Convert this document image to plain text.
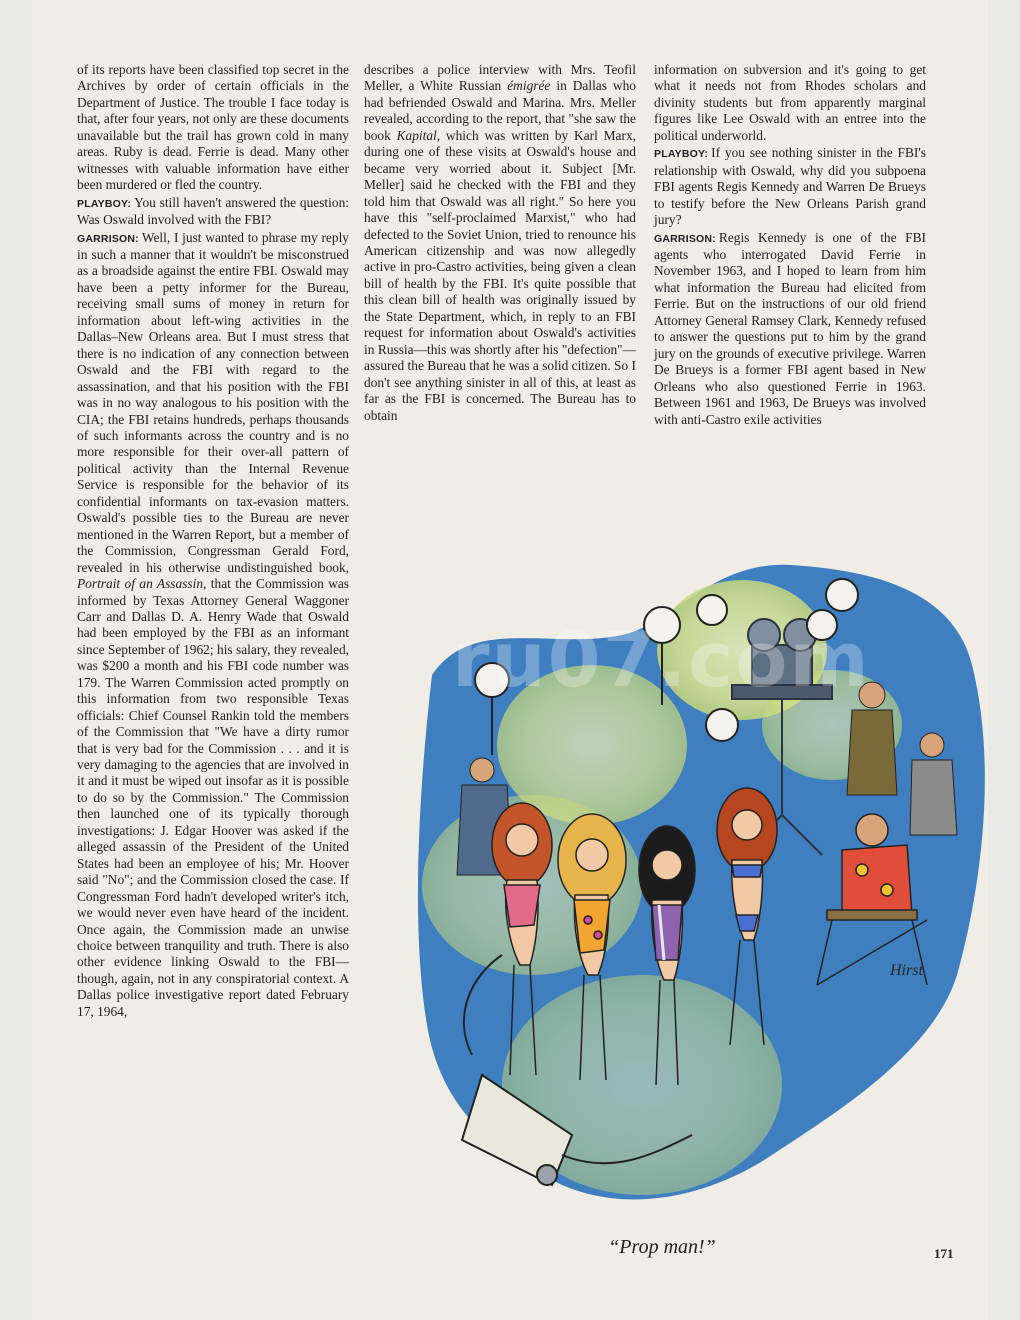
of its reports have been classified top secret in the Archives by order of certain officials in the Department of Justice. The trouble I face today is that, after four years, not only are these documents unavailable but the trail has grown cold in many areas. Ruby is dead. Ferrie is dead. Many other witnesses with valuable information have either been murdered or fled the country.

PLAYBOY: You still haven't answered the question: Was Oswald involved with the FBI?

GARRISON: Well, I just wanted to phrase my reply in such a manner that it wouldn't be misconstrued as a broadside against the entire FBI. Oswald may have been a petty informer for the Bureau, receiving small sums of money in return for information about left-wing activities in the Dallas–New Orleans area. But I must stress that there is no indication of any connection between Oswald and the FBI with regard to the assassination, and that his position with the FBI was in no way analogous to his position with the CIA; the FBI retains hundreds, perhaps thousands of such informants across the country and is no more responsible for their over-all pattern of political activity than the Internal Revenue Service is responsible for the behavior of its confidential informants on tax-evasion matters. Oswald's possible ties to the Bureau are never mentioned in the Warren Report, but a member of the Commission, Congressman Gerald Ford, revealed in his otherwise undistinguished book, Portrait of an Assassin, that the Commission was informed by Texas Attorney General Waggoner Carr and Dallas D. A. Henry Wade that Oswald had been employed by the FBI as an informant since September of 1962; his salary, they revealed, was $200 a month and his FBI code number was 179. The Warren Commission acted promptly on this information from two responsible Texas officials: Chief Counsel Rankin told the members of the Commission that "We have a dirty rumor that is very bad for the Commission . . . and it is very damaging to the agencies that are involved in it and it must be wiped out insofar as it is possible to do so by the Commission." The Commission then launched one of its typically thorough investigations: J. Edgar Hoover was asked if the alleged assassin of the President of the United States had been an employee of his; Mr. Hoover said "No"; and the Commission closed the case. If Congressman Ford hadn't developed writer's itch, we would never even have heard of the incident. Once again, the Commission made an unwise choice between tranquility and truth. There is also other evidence linking Oswald to the FBI—though, again, not in any conspiratorial context. A Dallas police investigative report dated February 17, 1964,

describes a police interview with Mrs. Teofil Meller, a White Russian émigrée in Dallas who had befriended Oswald and Marina. Mrs. Meller revealed, according to the report, that "she saw the book Kapital, which was written by Karl Marx, during one of these visits at Oswald's house and became very worried about it. Subject [Mr. Meller] said he checked with the FBI and they told him that Oswald was all right." So here you have this "self-proclaimed Marxist," who had defected to the Soviet Union, tried to renounce his American citizenship and was now allegedly active in pro-Castro activities, being given a clean bill of health by the FBI. It's quite possible that this clean bill of health was originally issued by the State Department, which, in reply to an FBI request for information about Oswald's activities in Russia—this was shortly after his "defection"—assured the Bureau that he was a solid citizen. So I don't see anything sinister in all of this, at least as far as the FBI is concerned. The Bureau has to obtain

information on subversion and it's going to get what it needs not from Rhodes scholars and divinity students but from apparently marginal figures like Lee Oswald with an entree into the political underworld.

PLAYBOY: If you see nothing sinister in the FBI's relationship with Oswald, why did you subpoena FBI agents Regis Kennedy and Warren De Brueys to testify before the New Orleans Parish grand jury?

GARRISON: Regis Kennedy is one of the FBI agents who interrogated David Ferrie in November 1963, and I hoped to learn from him what information the Bureau had elicited from Ferrie. But on the instructions of our old friend Attorney General Ramsey Clark, Kennedy refused to answer the questions put to him by the grand jury on the grounds of executive privilege. Warren De Brueys is a former FBI agent based in New Orleans who also questioned Ferrie in 1963. Between 1961 and 1963, De Brueys was involved with anti-Castro exile activities

Hirst
ru07.com
“Prop man!”	171
